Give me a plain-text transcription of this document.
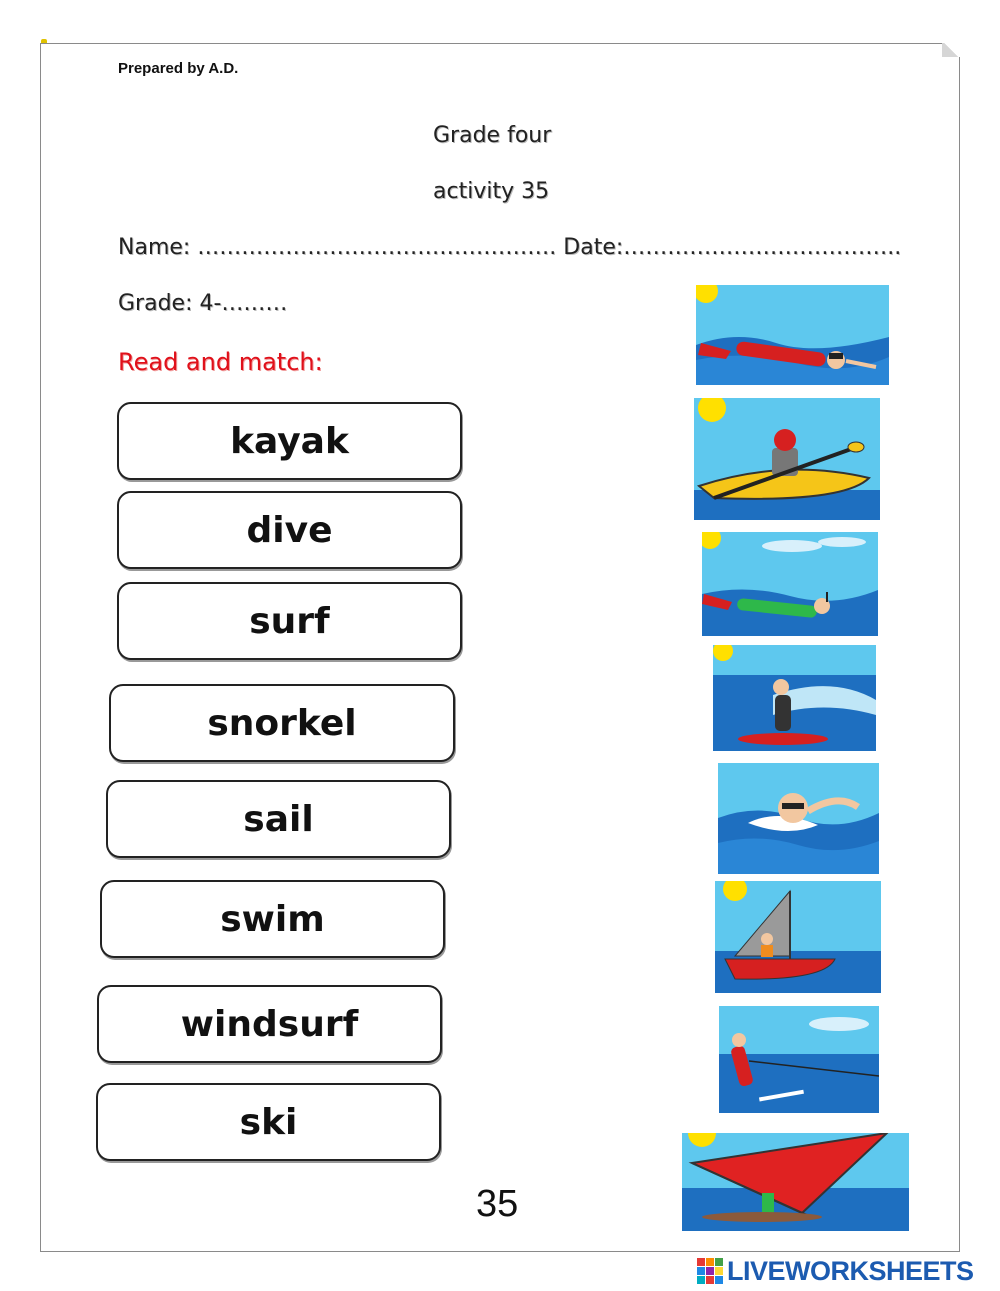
Prepared by A.D.
Grade four
activity 35
Name: …………………………………………. Date:………………………………..
Grade: 4-………
Read and match:
kayak
dive
surf
snorkel
sail
swim
windsurf
ski
35
LIVEWORKSHEETS
